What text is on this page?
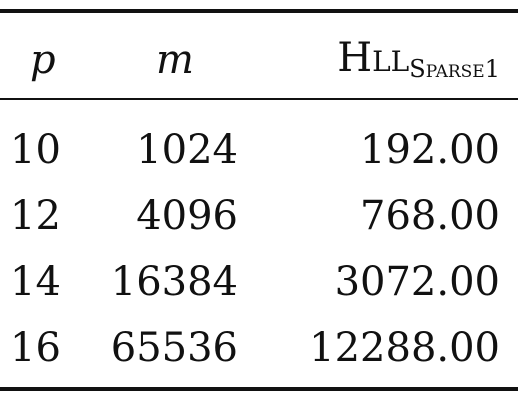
p	m	Hll$_{Sparse1}$
10 1024	192.00
12 4096	768.00
14 16384 3072.00
16 65536 12288.00
